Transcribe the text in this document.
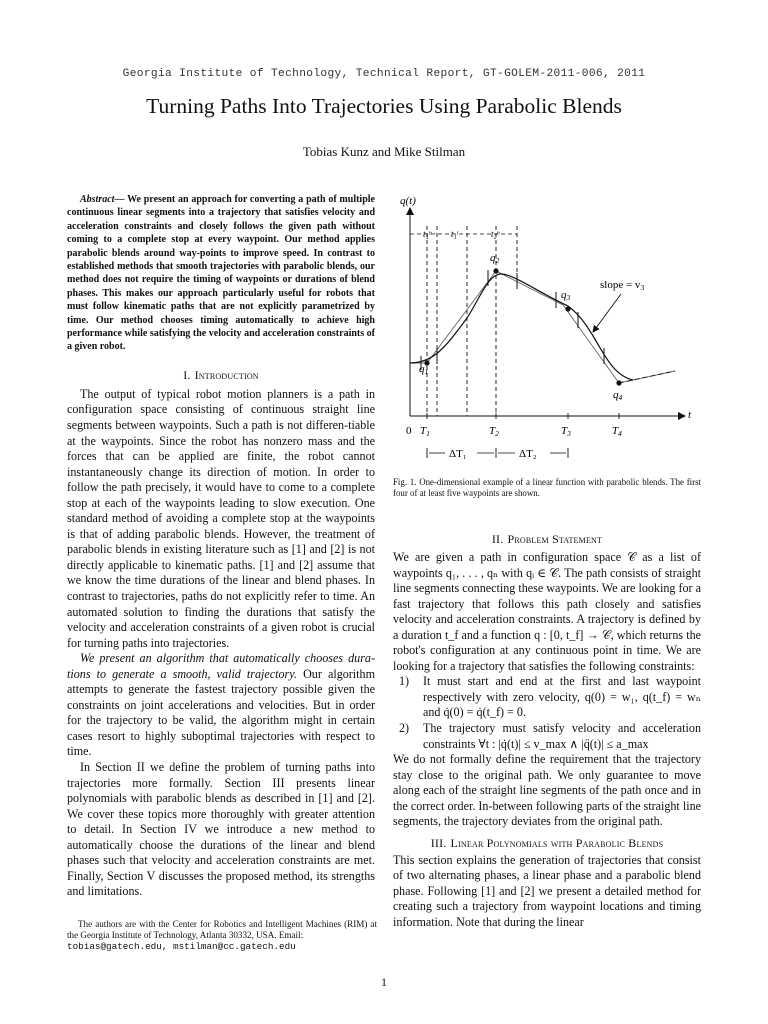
Georgia Institute of Technology, Technical Report, GT-GOLEM-2011-006, 2011
Turning Paths Into Trajectories Using Parabolic Blends
Tobias Kunz and Mike Stilman

Abstract— We present an approach for converting a path of multiple continuous linear segments into a trajectory that satisfies velocity and acceleration constraints and closely follows the given path without coming to a complete stop at every waypoint. Our method applies parabolic blends around way-points to improve speed. In contrast to established methods that smooth trajectories with parabolic blends, our method does not require the timing of waypoints or durations of blend phases. This makes our approach particularly useful for robots that must follow kinematic paths that are not explicitly parametrized by time. Our method chooses timing automatically to achieve high performance while satisfying the velocity and acceleration constraints of a given robot.

I. Introduction

The output of typical robot motion planners is a path in configuration space consisting of continuous straight line segments between waypoints. Such a path is not differen-tiable at the waypoints. Since the robot has nonzero mass and the forces that can be applied are finite, the robot cannot instantaneously change its direction of motion. In order to follow the path precisely, it would have to come to a complete stop at each of the waypoints leading to slow execution. One standard method of avoiding a complete stop at the waypoints is that of adding parabolic blends. However, the treatment of parabolic blends in existing literature such as [1] and [2] is not directly applicable to kinematic paths. [1] and [2] assume that we know the time durations of the linear and blend phases. In contrast to trajectories, paths do not explicitly refer to time. An automated solution to finding the durations that satisfy the velocity and acceleration constraints of a given robot is crucial for turning paths into trajectories.

We present an algorithm that automatically chooses dura-tions to generate a smooth, valid trajectory. Our algorithm attempts to generate the fastest trajectory possible given the constraints on joint accelerations and velocities. But in order for the trajectory to be valid, the algorithm might in certain cases resort to highly suboptimal trajectories with respect to time.

In Section II we define the problem of turning paths into trajectories more formally. Section III presents linear polynomials with parabolic blends as described in [1] and [2]. We cover these topics more thoroughly with greater attention to detail. In Section IV we introduce a new method to automatically choose the durations of the linear and blend phases such that velocity and acceleration constraints are met. Finally, Section V discusses the proposed method, its strengths and limitations.

q(t)
t
0
t₁ᵇ t₁ˡ	t₂ᵇ
q1
q2
q3
q4
slope = v3
T1	T2	T3	T4
ΔT₁	ΔT₂
Fig. 1. One-dimensional example of a linear function with parabolic blends. The first four of at least five waypoints are shown.

II. Problem Statement

We are given a path in configuration space 𝒞 as a list of waypoints q₁, . . . , qₙ with qᵢ ∈ 𝒞. The path consists of straight line segments connecting these waypoints. We are looking for a fast trajectory that follows this path closely and satisfies velocity and acceleration constraints. A trajectory is defined by a duration t_f and a function q : [0, t_f] → 𝒞, which returns the robot's configuration at any continuous point in time. We are looking for a trajectory that satisfies the following constraints:

1) It must start and end at the first and last waypoint respectively with zero velocity, q(0) = w₁, q(t_f) = wₙ and q̇(0) = q̇(t_f) = 0.
2) The trajectory must satisfy velocity and acceleration constraints ∀t : |q̇(t)| ≤ v_max ∧ |q̈(t)| ≤ a_max

We do not formally define the requirement that the trajectory stay close to the original path. We only guarantee to move along each of the straight line segments of the path once and in the correct order. In-between following parts of the straight line segments, the trajectory deviates from the original path.

III. Linear Polynomials with Parabolic Blends

This section explains the generation of trajectories that consist of two alternating phases, a linear phase and a parabolic blend phase. Following [1] and [2] we present a detailed method for creating such a trajectory from waypoint locations and timing information. Note that during the linear

The authors are with the Center for Robotics and Intelligent Machines (RIM) at the Georgia Institute of Technology, Atlanta 30332, USA. Email:
tobias@gatech.edu, mstilman@cc.gatech.edu
1
